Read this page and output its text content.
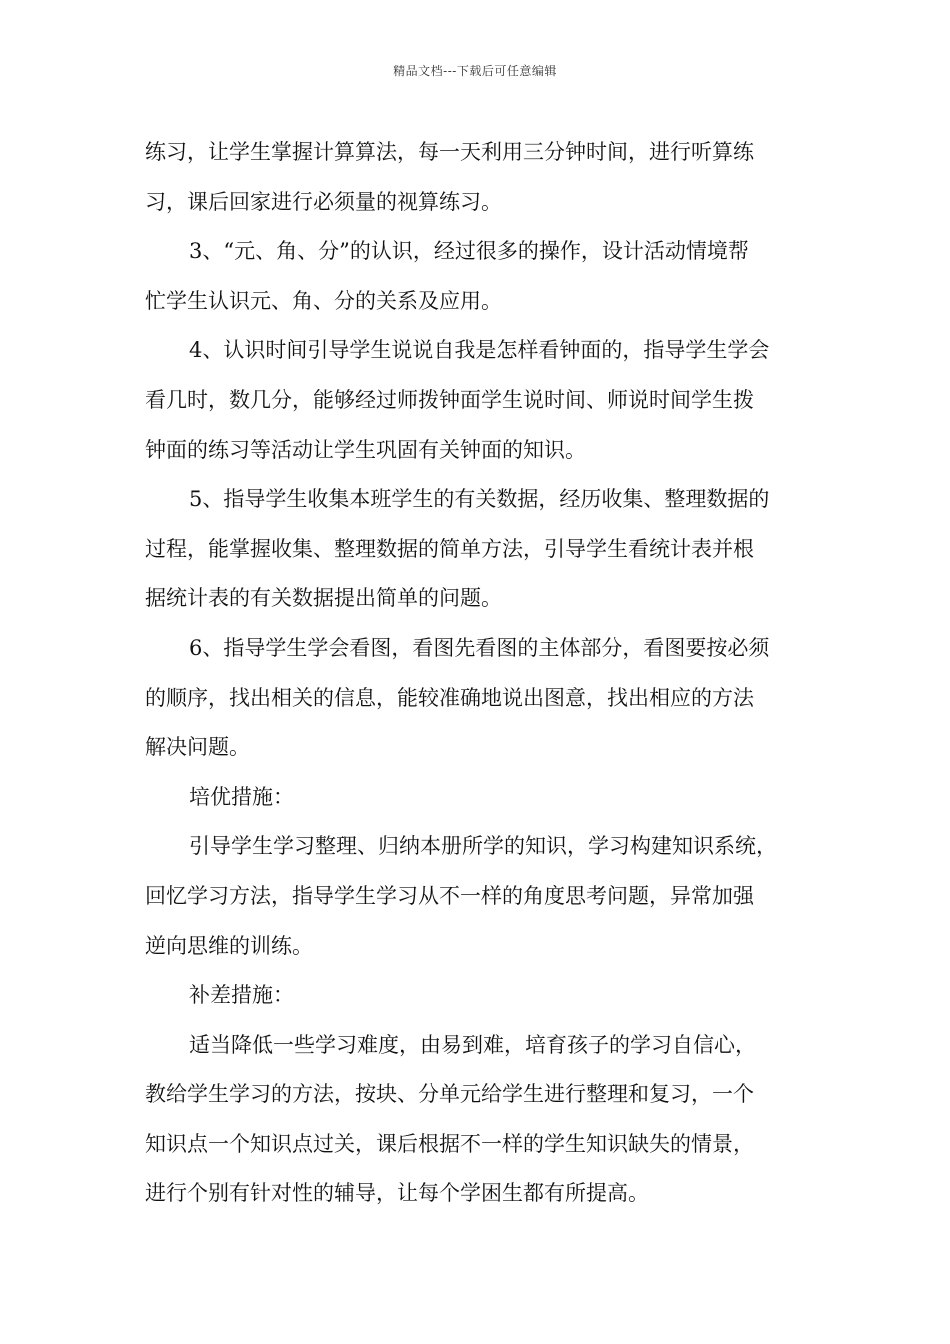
精品文档---下载后可任意编辑
练习，让学生掌握计算算法，每一天利用三分钟时间，进行听算练
习，课后回家进行必须量的视算练习。
3、“元、角、分”的认识，经过很多的操作，设计活动情境帮
忙学生认识元、角、分的关系及应用。
4、认识时间引导学生说说自我是怎样看钟面的，指导学生学会
看几时，数几分，能够经过师拨钟面学生说时间、师说时间学生拨
钟面的练习等活动让学生巩固有关钟面的知识。
5、指导学生收集本班学生的有关数据，经历收集、整理数据的
过程，能掌握收集、整理数据的简单方法，引导学生看统计表并根
据统计表的有关数据提出简单的问题。
6、指导学生学会看图，看图先看图的主体部分，看图要按必须
的顺序，找出相关的信息，能较准确地说出图意，找出相应的方法
解决问题。
培优措施：
引导学生学习整理、归纳本册所学的知识，学习构建知识系统，
回忆学习方法，指导学生学习从不一样的角度思考问题，异常加强
逆向思维的训练。
补差措施：
适当降低一些学习难度，由易到难，培育孩子的学习自信心，
教给学生学习的方法，按块、分单元给学生进行整理和复习，一个
知识点一个知识点过关，课后根据不一样的学生知识缺失的情景，
进行个别有针对性的辅导，让每个学困生都有所提高。
